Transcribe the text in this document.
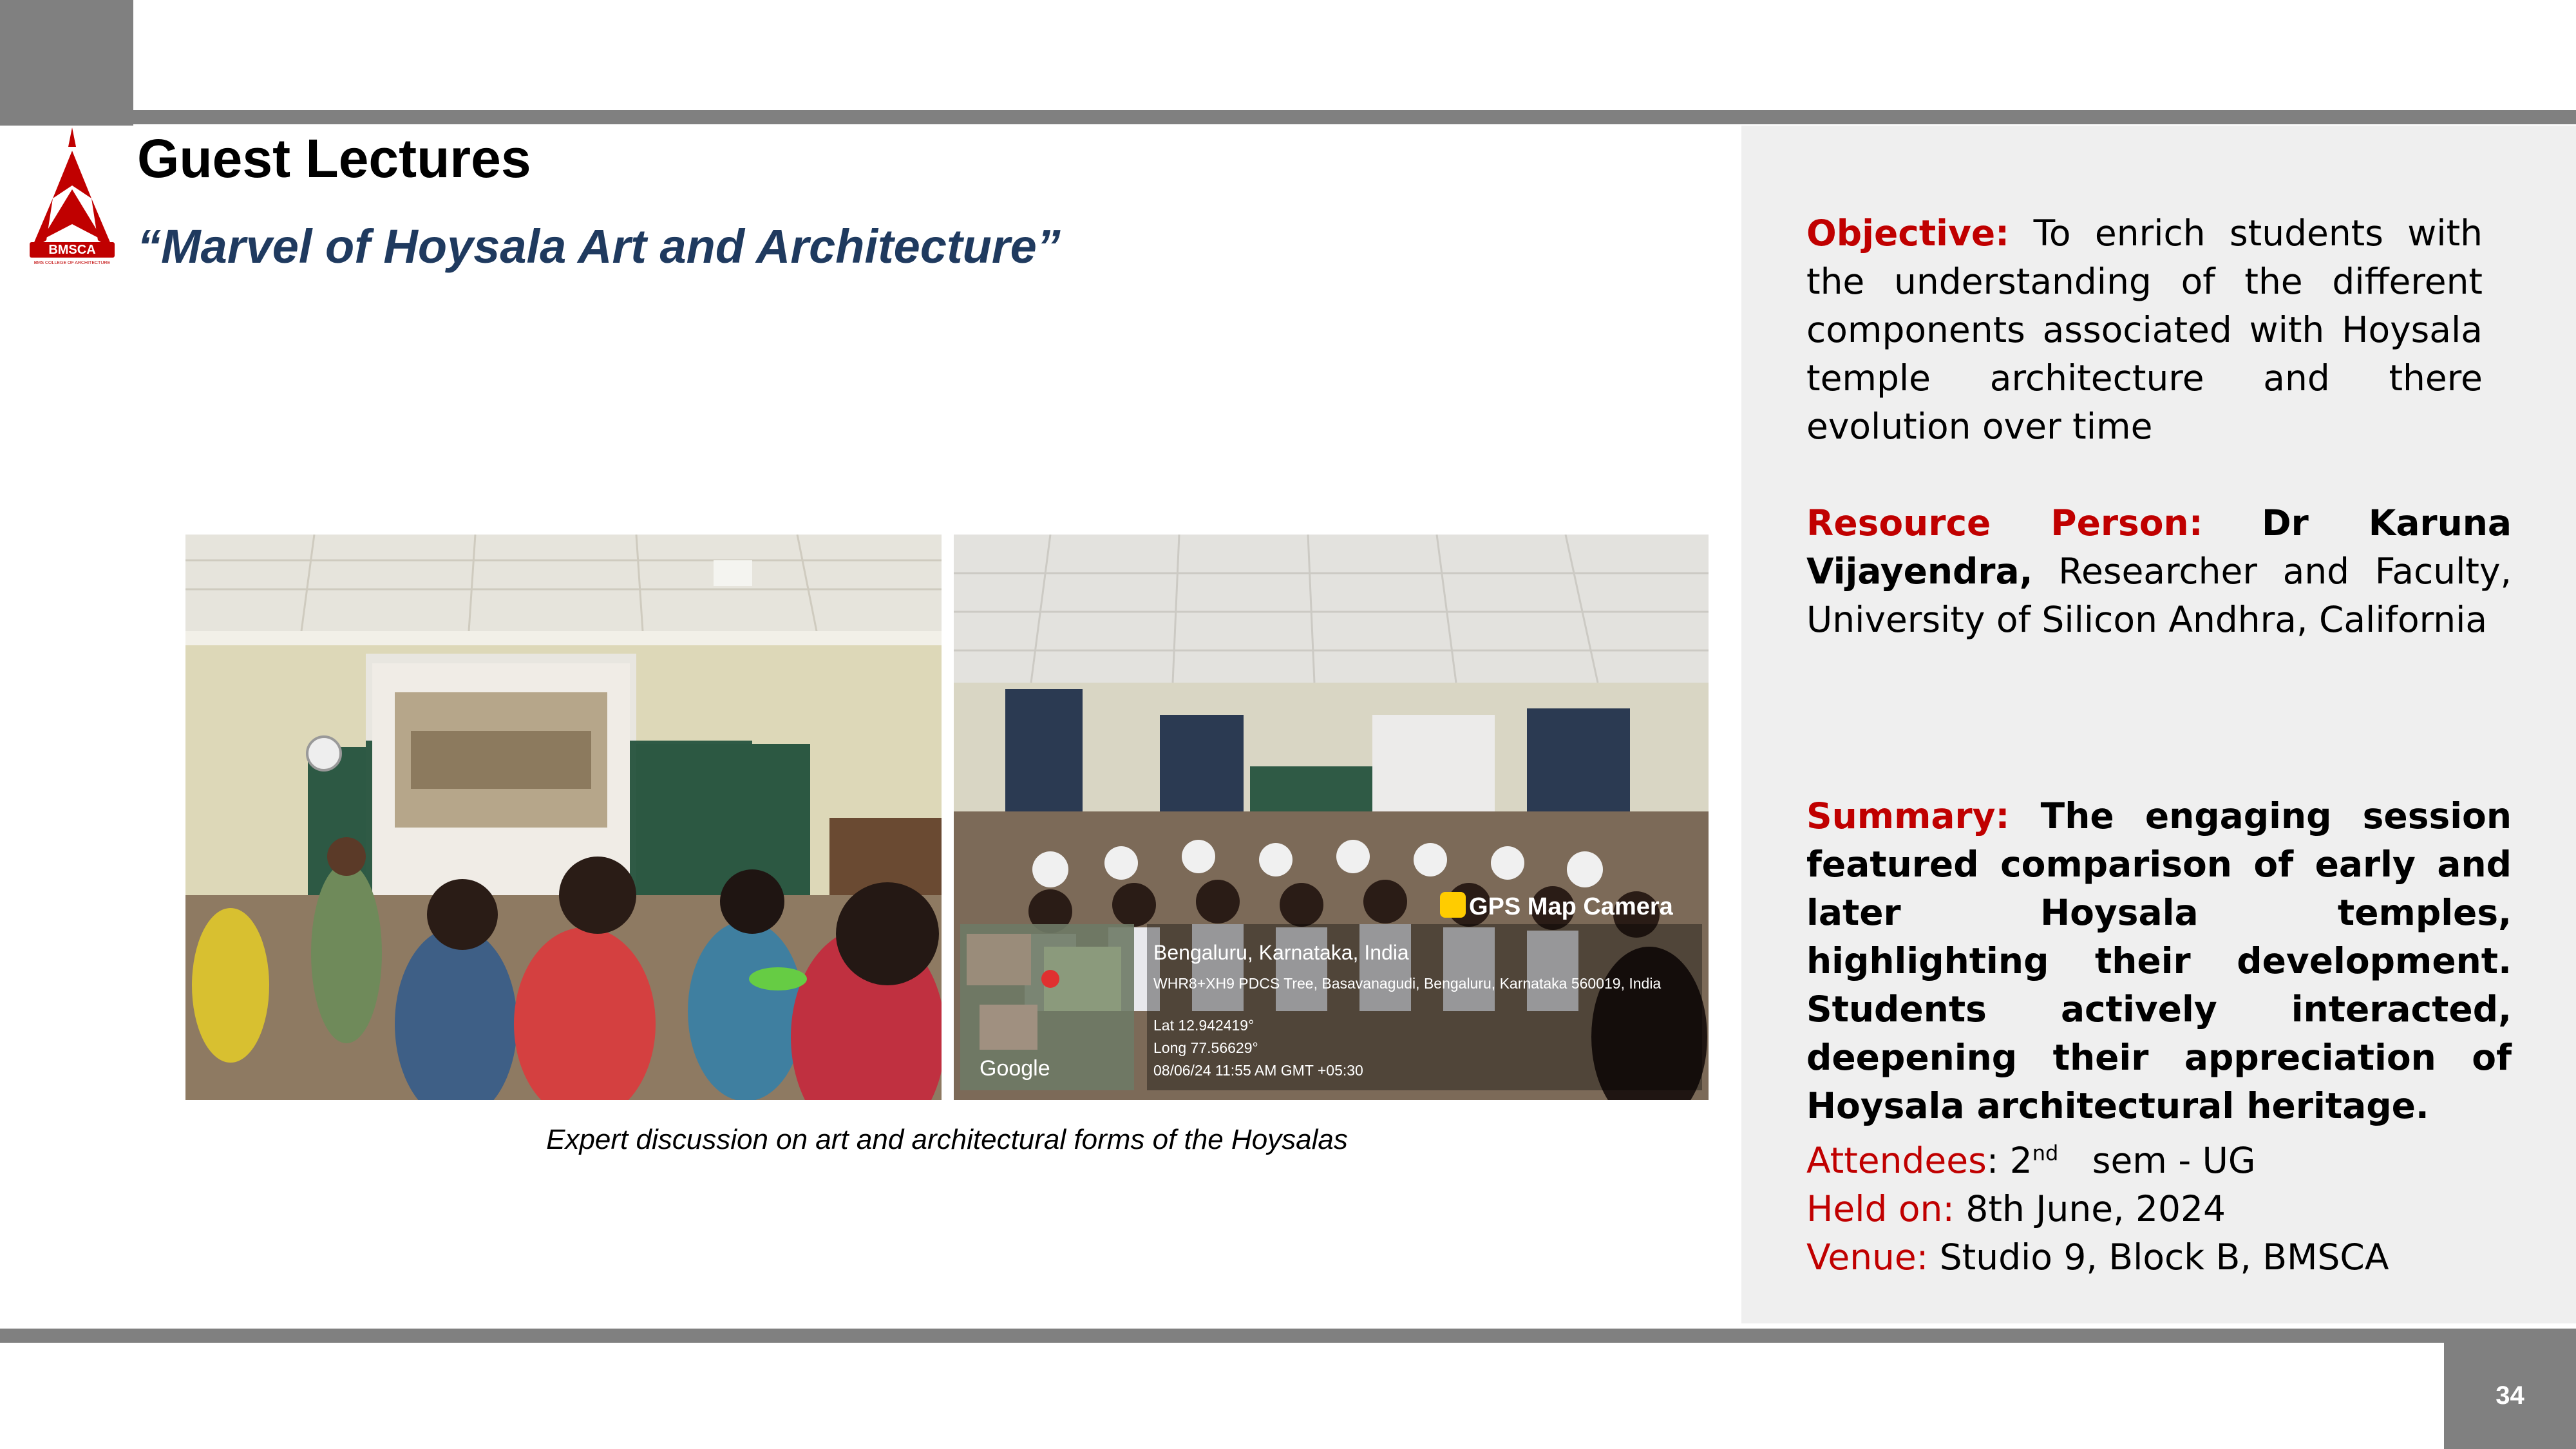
34
BMSCA
BMS COLLEGE OF ARCHITECTURE
Guest Lectures
“Marvel of Hoysala Art and Architecture”
GPS Map Camera
Bengaluru, Karnataka, India
WHR8+XH9 PDCS Tree, Basavanagudi, Bengaluru, Karnataka 560019, India
Lat 12.942419°
Long 77.56629°
08/06/24 11:55 AM GMT +05:30
Google
Expert discussion on art and architectural forms of the Hoysalas
Objective: To enrich students with the understanding of the different components associated with Hoysala temple architecture and there evolution over time
Resource Person: Dr Karuna Vijayendra, Researcher and Faculty, University of Silicon Andhra, California
Summary: The engaging session featured comparison of early and later Hoysala temples, highlighting their development. Students actively interacted, deepening their appreciation of Hoysala architectural heritage.
Attendees: 2nd sem - UG
Held on: 8th June, 2024
Venue: Studio 9, Block B, BMSCA
